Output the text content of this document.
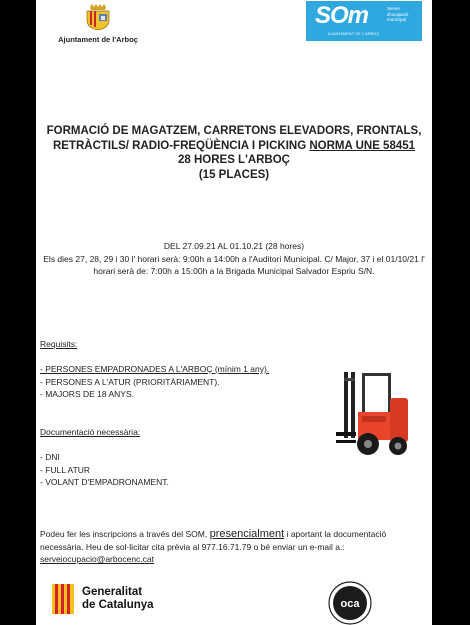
Ajuntament de l'Arboç
SOm	Servei
d'ocupació
municipal
AJUNTAMENT DE L'ARBOÇ
FORMACIÓ DE MAGATZEM, CARRETONS ELEVADORS, FRONTALS,
RETRÀCTILS/ RADIO-FREQÜÈNCIA I PICKING NORMA UNE 58451
28 HORES L'ARBOÇ
(15 PLACES)
DEL 27.09.21 AL 01.10.21 (28 hores)
Els dies 27, 28, 29 i 30 l' horari serà: 9:00h a 14:00h a l'Auditori Municipal. C/ Major, 37 i el 01/10/21 l' horari serà de: 7:00h a 15:00h a la Brigada Municipal Salvador Espriu S/N.
Requisits:
- PERSONES EMPADRONADES A L'ARBOÇ (mínim 1 any).
- PERSONES A L'ATUR (PRIORITÀRIAMENT).
- MAJORS DE 18 ANYS.
Documentació necessària:
- DNI
- FULL ATUR
- VOLANT D'EMPADRONAMENT.
Podeu fer les inscripcions a través del SOM, presencialment i aportant la documentació necessària. Heu de sol·licitar cita prèvia al 977.16.71.79 o bé enviar un e-mail a.: serveiocupacio@arbocenc.cat
Generalitat
de Catalunya	oca
